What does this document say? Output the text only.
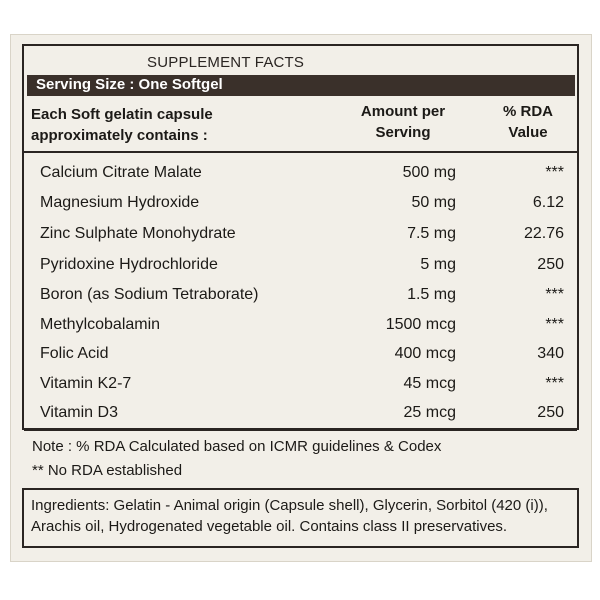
SUPPLEMENT FACTS
Serving Size : One Softgel
Each Soft gelatin capsule
approximately contains :
Amount per
Serving
% RDA
Value
Calcium Citrate Malate	500 mg	***
Magnesium Hydroxide	50 mg	6.12
Zinc Sulphate Monohydrate	7.5 mg	22.76
Pyridoxine Hydrochloride	5 mg	250
Boron (as Sodium Tetraborate)	1.5 mg	***
Methylcobalamin	1500 mcg	***
Folic Acid	400 mcg	340
Vitamin K2-7	45 mcg	***
Vitamin D3	25 mcg	250
Note : % RDA Calculated based on ICMR guidelines & Codex
** No RDA established
Ingredients: Gelatin - Animal origin (Capsule shell), Glycerin, Sorbitol (420 (i)),
Arachis oil, Hydrogenated vegetable oil. Contains class II preservatives.
